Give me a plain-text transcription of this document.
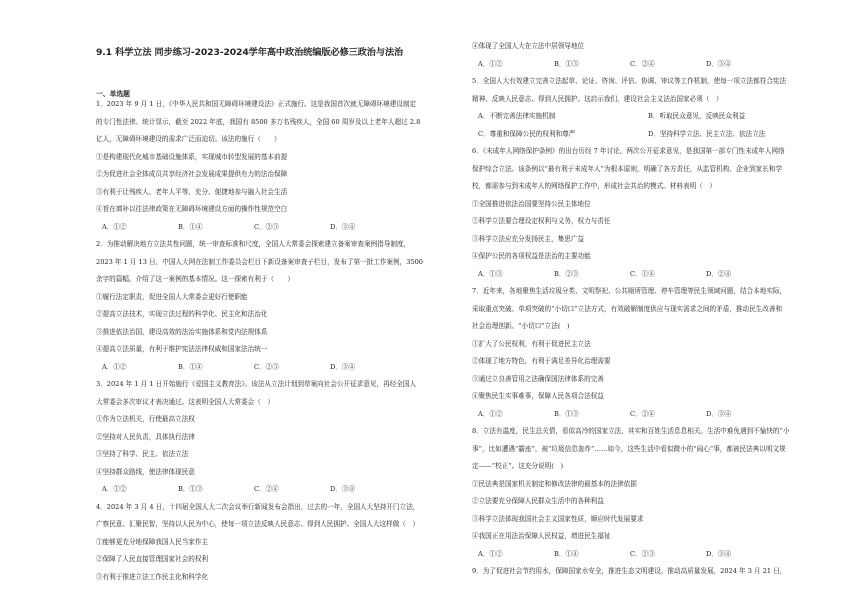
9.1 科学立法 同步练习-2023-2024学年高中政治统编版必修三政治与法治
一、单选题
1．2023 年 9 月 1 日，《中华人民共和国无障碍环境建设法》正式施行。这是我国首次就无障碍环境建设制定
的专门性法律。统计显示，截至 2022 年底，我国有 8500 多万名残疾人，全国 60 周岁及以上老年人超过 2.8
亿人，无障碍环境建设的需求广泛而迫切。该法的施行（　　）
①是构建现代化城市基础设施体系，实现城市转型发展的基本前提
②为促进社会全体成员共享经济社会发展成果提供有力的法治保障
③有利于让残疾人、老年人平等、充分、便捷地参与融入社会生活
④旨在填补以往法律政策在无障碍环境建设方面的操作性规范空白
A．①②	B．①④	C．②③	D．③④
2．为推动解决地方立法共性问题，统一审查标准和尺度，全国人大常委会探索建立备案审查案例指导制度，
2023 年 1 月 13 日，中国人大网在法制工作委员会栏目下新设备案审查子栏目，发布了第一批工作案例，3500
余字的篇幅，介绍了这一案例的基本情况。这一探索有利于（　　）
①履行法定职责，促进全国人大常委会更好行使职能
②提高立法技术，实现立法过程的科学化、民主化和法治化
③推进依法治国，建设高效的法治实施体系和党内法规体系
④提高立法质量，有利于维护宪法法律权威和国家法治统一
A．①②	B．①④	C．②③	D．③④
3．2024 年 1 月 1 日开始施行《爱国主义教育法》。该法从立法计划到草案向社会公开征求意见，再经全国人
大常委会多次审议才表决通过。这表明全国人大常委会（　）
①作为立法机关，行使最高立法权
②坚持对人民负责，具体执行法律
③坚持了科学、民主、依法立法
④坚持群众路线，使法律体现民意
A．①②	B．①③	C．②④	D．③④
4．2024 年 3 月 4 日，十四届全国人大二次会议举行新闻发布会指出，过去的一年，全国人大坚持开门立法，
广察民意、汇聚民智，坚持以人民为中心，使每一项立法反映人民意志、得到人民拥护。全国人大这样做（　）
①能够更充分地保障我国人民当家作主
②保障了人民直接管理国家社会的权利
③有利于推进立法工作民主化和科学化
④体现了全国人大在立法中居领导地位
A．①②	B．①③	C．②④	D．③④
5．全国人大有效建立完善立法起草、论证、咨询、评估、协调、审议等工作机制，使每一项立法都符合宪法
精神、反映人民意志、得到人民拥护。这启示我们，建设社会主义法治国家必须（　）
A．不断完善法律实施机制	B．听取民众意见，反映民众利益
C．尊重和保障公民的权利和尊严	D．坚持科学立法、民主立法、依法立法
6．《未成年人网络保护条例》的出台历经 7 年讨论，两次公开征求意见，是我国第一部专门性未成年人网络
保护综合立法。该条例以“最有利于未成年人”为根本原则，明确了各方责任，从监管机构、企业到家长和学
校，都需参与到未成年人的网络保护工作中，形成社会共治的模式。材料表明（　）
①全国推进依法治国要坚持公民主体地位
②科学立法要合理设定权利与义务，权力与责任
③科学立法应充分发扬民主，集思广益
④保护公民的各项权益是法治的主要功能
A．①③	B．②③	C．①④	D．②④
7．近年来，各地聚焦生活垃圾分类、文明祭祀、公共厕所管理、停车管理等民生领域问题，结合本地实际，
采取重点突破、单项突破的“小切口”立法方式，有效破解制度供应与现实需求之间的矛盾，推动民生改善和
社会治理创新。“小切口”立法(　)
①扩大了公民权利，有利于促进民主立法
②体现了地方特色，有利于满足差异化治理需要
③通过立良善管用之法确保国法律体系的完善
④聚焦民生实事难事，保障人民各项合法权益
A．①②	B．①③	C．②④	D．③④
8．立法有温度，民生总关情，看似高冷的国家立法，其实和百姓生活息息相关。生活中难免遇到不愉快的“小
事”，比如遭遇“霸座”，被“垃圾信息轰炸”……如今，这些生活中看似微小的“闹心”事，都被民法典以明文规
定——“校正”。这充分说明(　)
①民法典是国家机关制定和修改法律的最基本的法律依据
②立法要充分保障人民群众生活中的各种利益
③科学立法体现我国社会主义国家性质，顺应时代发展要求
④我国正在用法治保障人民权益，增进民生福祉
A．①②	B．①④	C．②③	D．③④
9．为了促进社会节约用水，保障国家水安全，推进生态文明建设，推动高质量发展，2024 年 3 月 21 日，
